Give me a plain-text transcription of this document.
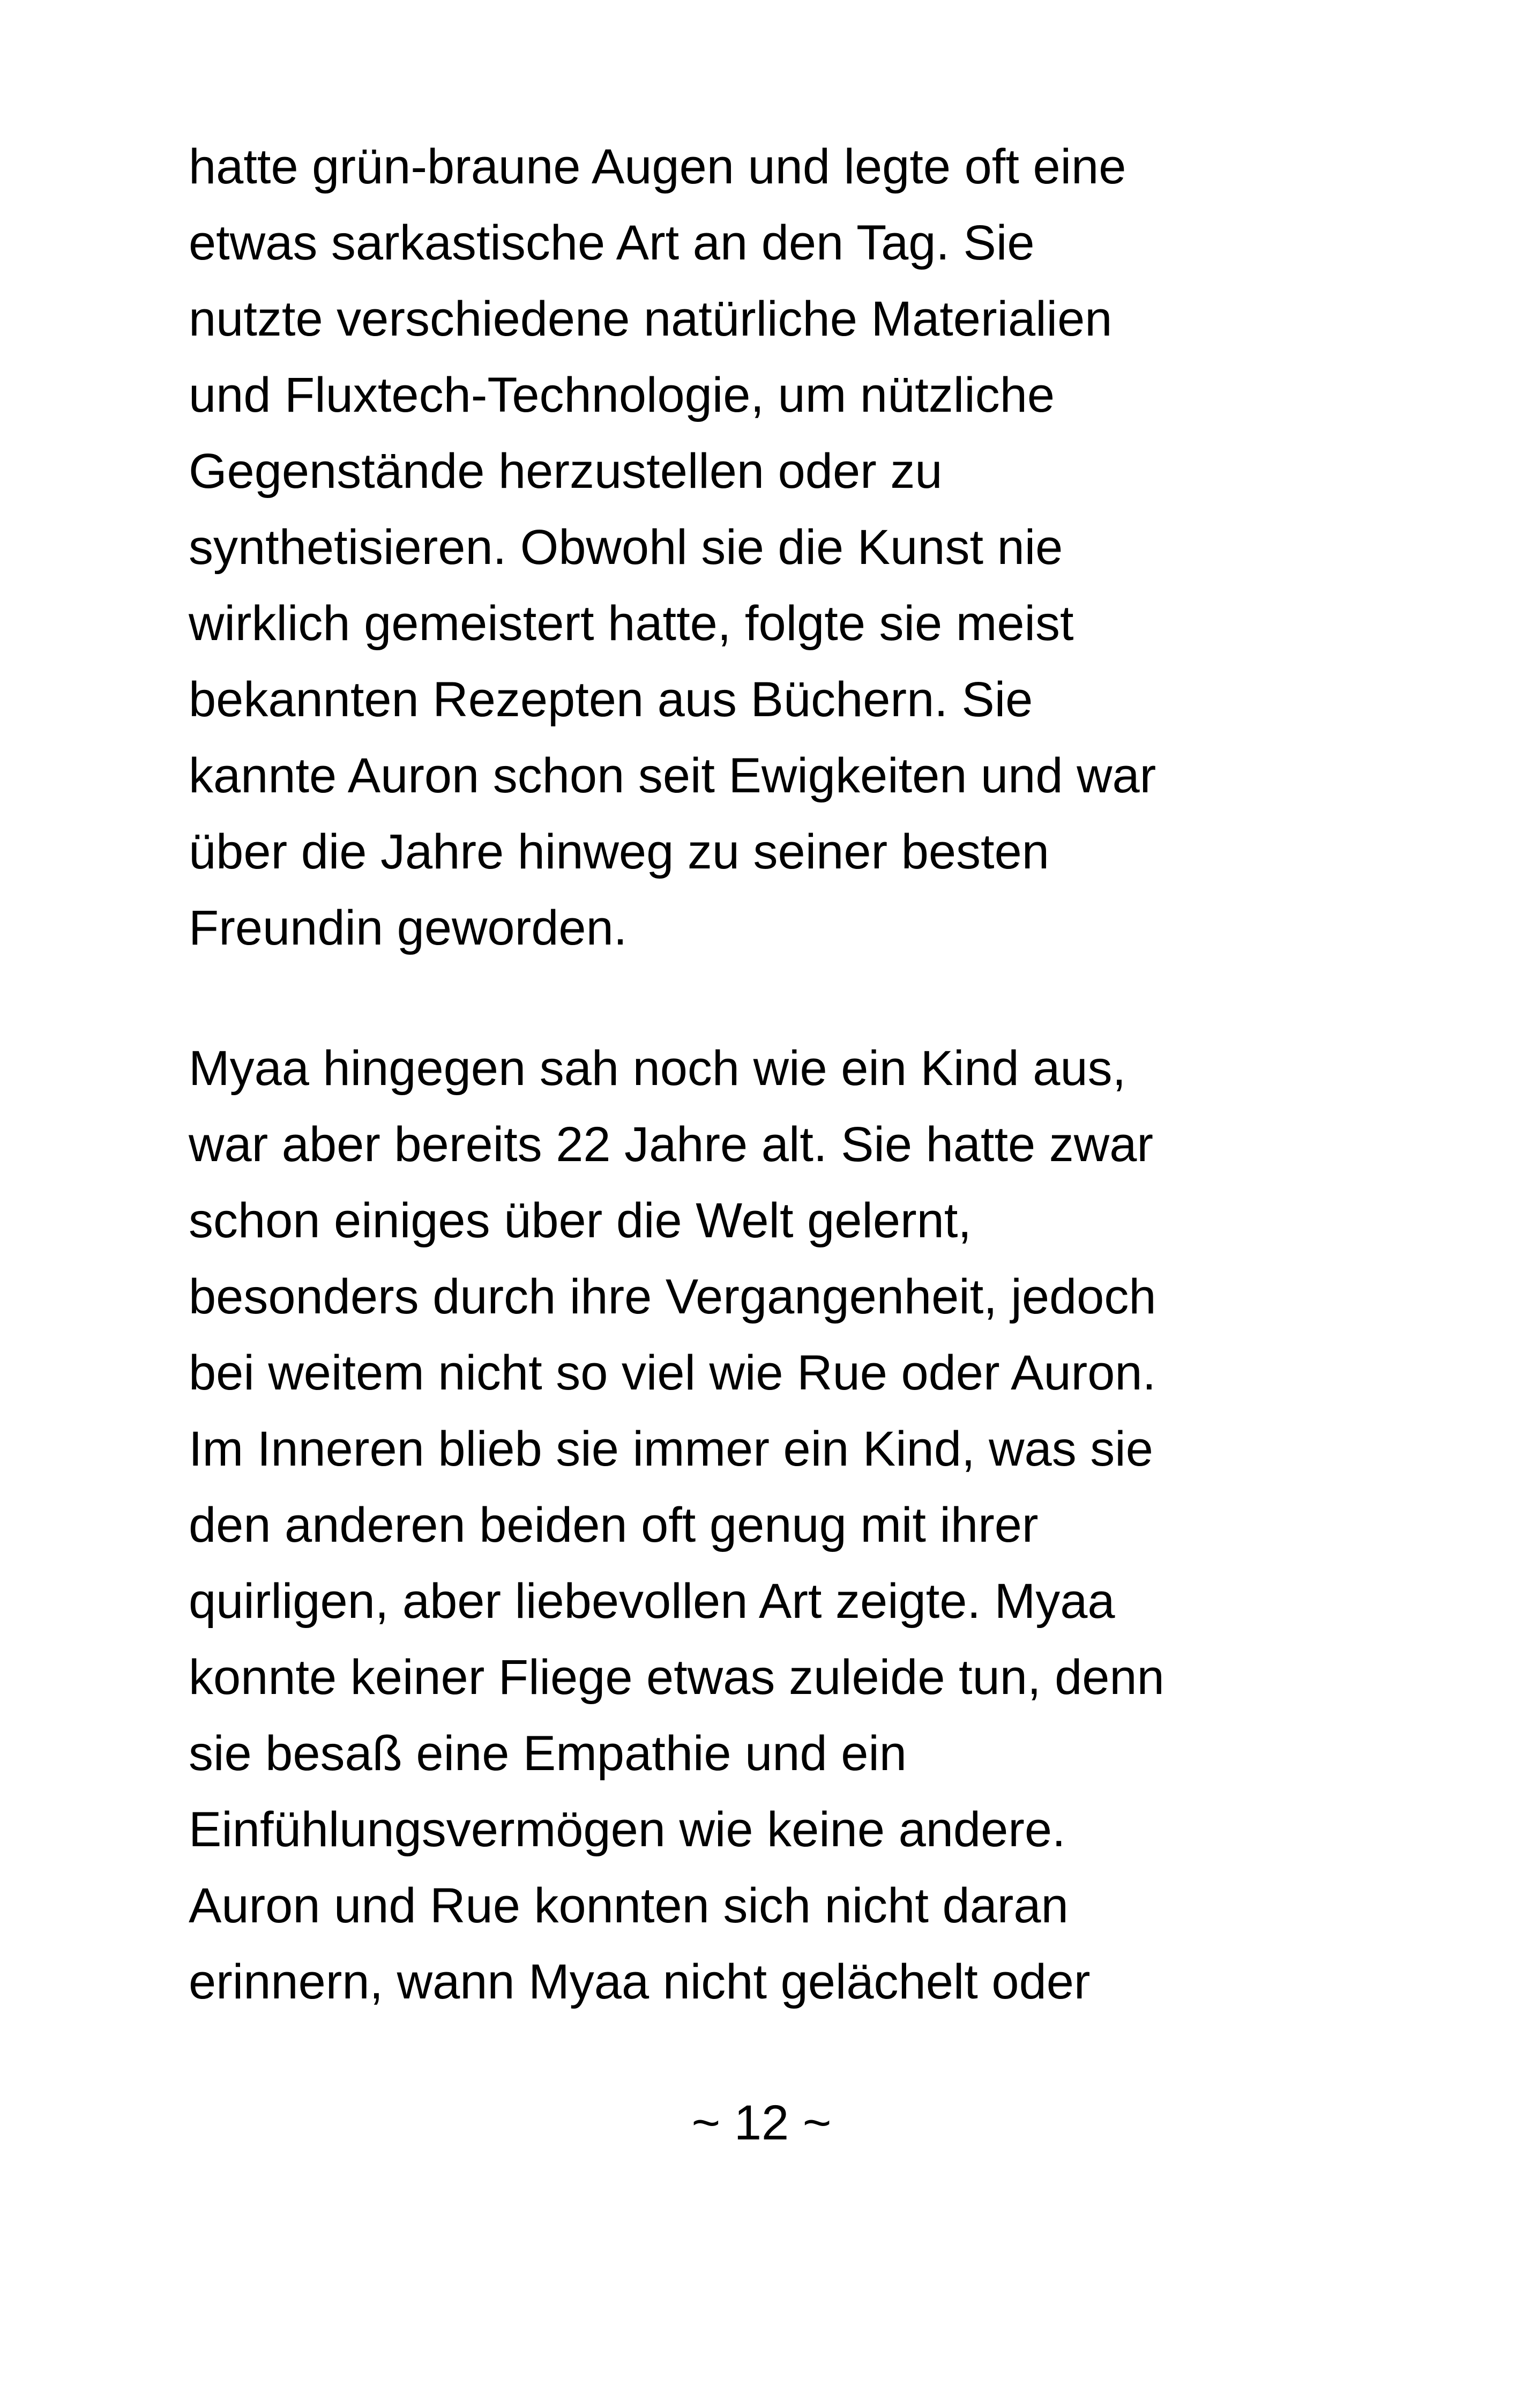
hatte grün-braune Augen und legte oft eine
etwas sarkastische Art an den Tag. Sie
nutzte verschiedene natürliche Materialien
und Fluxtech-Technologie, um nützliche
Gegenstände herzustellen oder zu
synthetisieren. Obwohl sie die Kunst nie
wirklich gemeistert hatte, folgte sie meist
bekannten Rezepten aus Büchern. Sie
kannte Auron schon seit Ewigkeiten und war
über die Jahre hinweg zu seiner besten
Freundin geworden.

Myaa hingegen sah noch wie ein Kind aus,
war aber bereits 22 Jahre alt. Sie hatte zwar
schon einiges über die Welt gelernt,
besonders durch ihre Vergangenheit, jedoch
bei weitem nicht so viel wie Rue oder Auron.
Im Inneren blieb sie immer ein Kind, was sie
den anderen beiden oft genug mit ihrer
quirligen, aber liebevollen Art zeigte. Myaa
konnte keiner Fliege etwas zuleide tun, denn
sie besaß eine Empathie und ein
Einfühlungsvermögen wie keine andere.
Auron und Rue konnten sich nicht daran
erinnern, wann Myaa nicht gelächelt oder

~ 12 ~
